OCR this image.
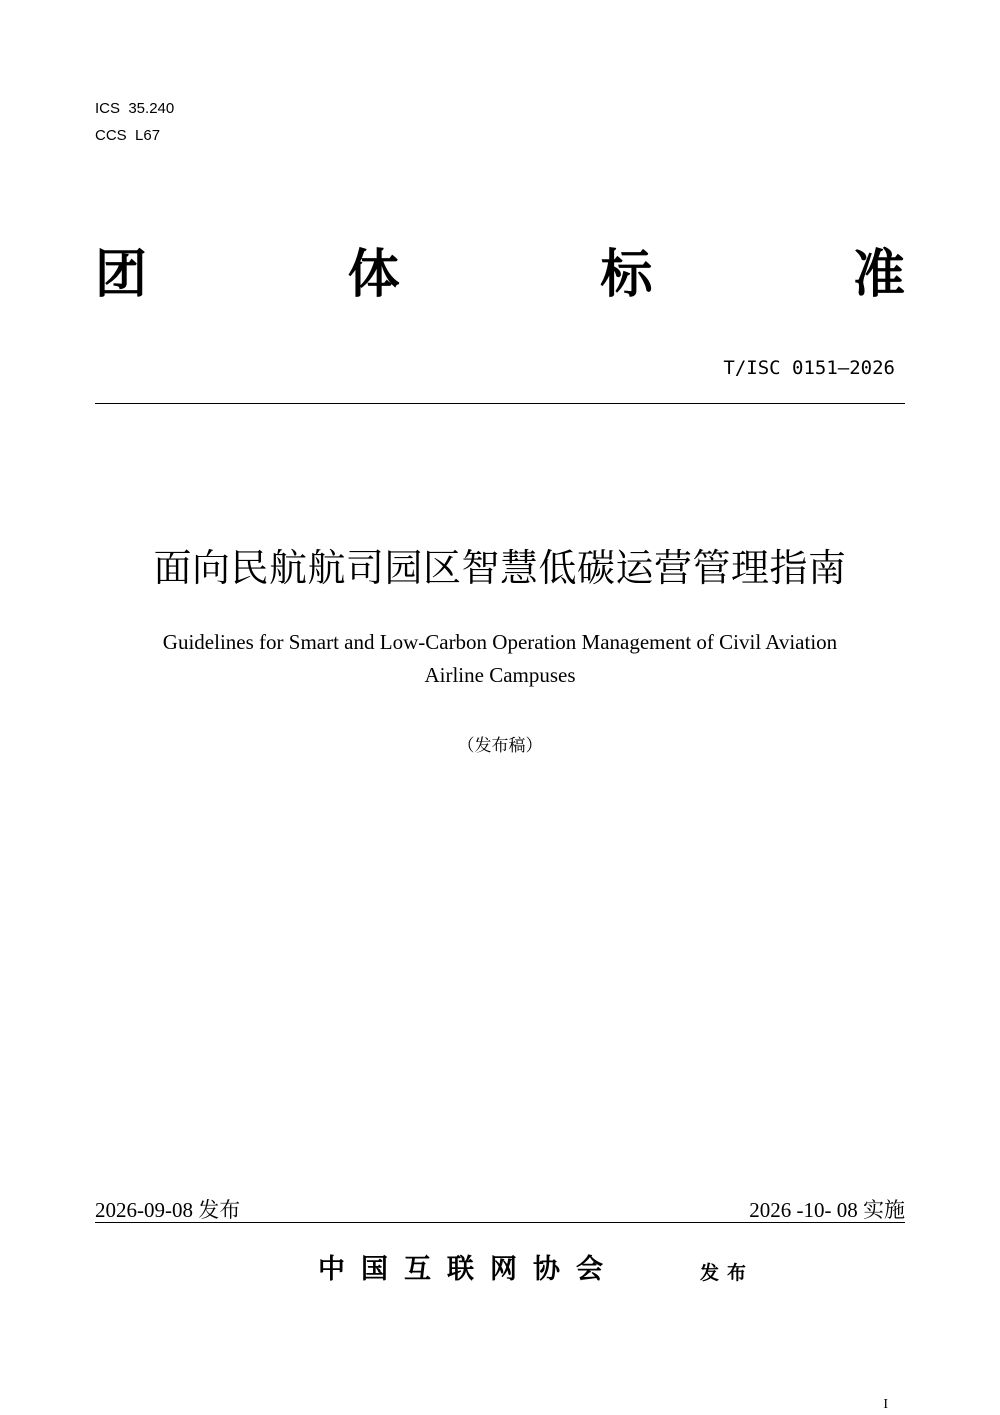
ICS  35.240
CCS  L67
团	体	标	准
T/ISC 0151—2026
面向民航航司园区智慧低碳运营管理指南
Guidelines for Smart and Low-Carbon Operation Management of Civil Aviation
Airline Campuses
（发布稿）
2026-09-08 发布	2026 -10- 08 实施
中国互联网协会	发布
I
